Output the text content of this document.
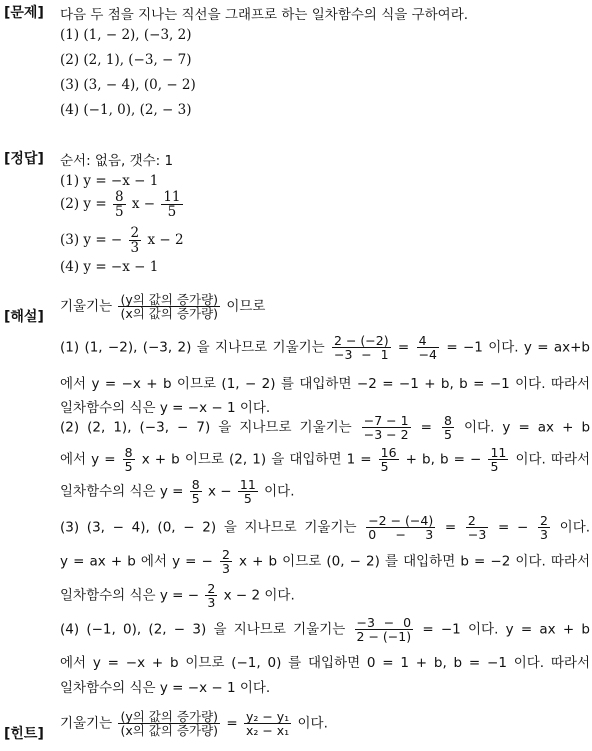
[문제] 다음 두 점을 지나는 직선을 그래프로 하는 일차함수의 식을 구하여라.
(1) (1, − 2), (−3, 2)
(2) (2, 1), (−3, − 7)
(3) (3, − 4), (0, − 2)
(4) (−1, 0), (2, − 3)
[정답] 순서: 없음, 갯수: 1
(1) y = −x − 1
(2) $y = \frac{8}{5}$ $x - \frac{11}{5}$
(3) y = − $\frac{2}{3}$ x − 2
(4) y = −x − 1
[해설]
기울기는 $\frac{\text{(y의 값의 증가량)}}{\text{(x의 값의 증가량)}}$ 이므로
(1) (1, −2), (−3, 2) 을 지나므로 기울기는 $\frac{2 - (-2)}{-3 - 1} = \frac{4}{-4} = -1$ 이다. y = ax+b
에서 y = −x + b 이므로 (1, − 2) 를 대입하면 −2 = −1 + b, b = −1 이다. 따라서
일차함수의 식은 y = −x − 1 이다.
(2) (2, 1), (−3, − 7) 을 지나므로 기울기는 $\frac{-7 - 1}{-3 - 2} = \frac{8}{5}$ 이다. y = ax + b
에서 $y = \frac{8}{5}$ x + b 이므로 (2, 1) 을 대입하면 $1 = \frac{16}{5} + b$, b = − $\frac{11}{5}$ 이다. 따라서
일차함수의 식은 $y = \frac{8}{5}$ $x - \frac{11}{5}$ 이다.
(3) (3, − 4), (0, − 2) 을 지나므로 기울기는 $\frac{-2 - (-4)}{0 - 3} = \frac{2}{-3}$ = − $\frac{2}{3}$ 이다.
y = ax + b 에서 y = − $\frac{2}{3}$ x + b 이므로 (0, − 2) 를 대입하면 b = −2 이다. 따라서
일차함수의 식은 y = − $\frac{2}{3}$ x − 2 이다.
(4) (−1, 0), (2, − 3) 을 지나므로 기울기는 $\frac{-3 - 0}{2 - (-1)} = -1$ 이다. y = ax + b
에서 y = −x + b 이므로 (−1, 0) 를 대입하면 0 = 1 + b, b = −1 이다. 따라서
일차함수의 식은 y = −x − 1 이다.
[힌트]
기울기는 $\frac{\text{(y의 값의 증가량)}}{\text{(x의 값의 증가량)}} = \frac{\text{y₂ − y₁}}{\text{x₂ − x₁}}$ 이다.
